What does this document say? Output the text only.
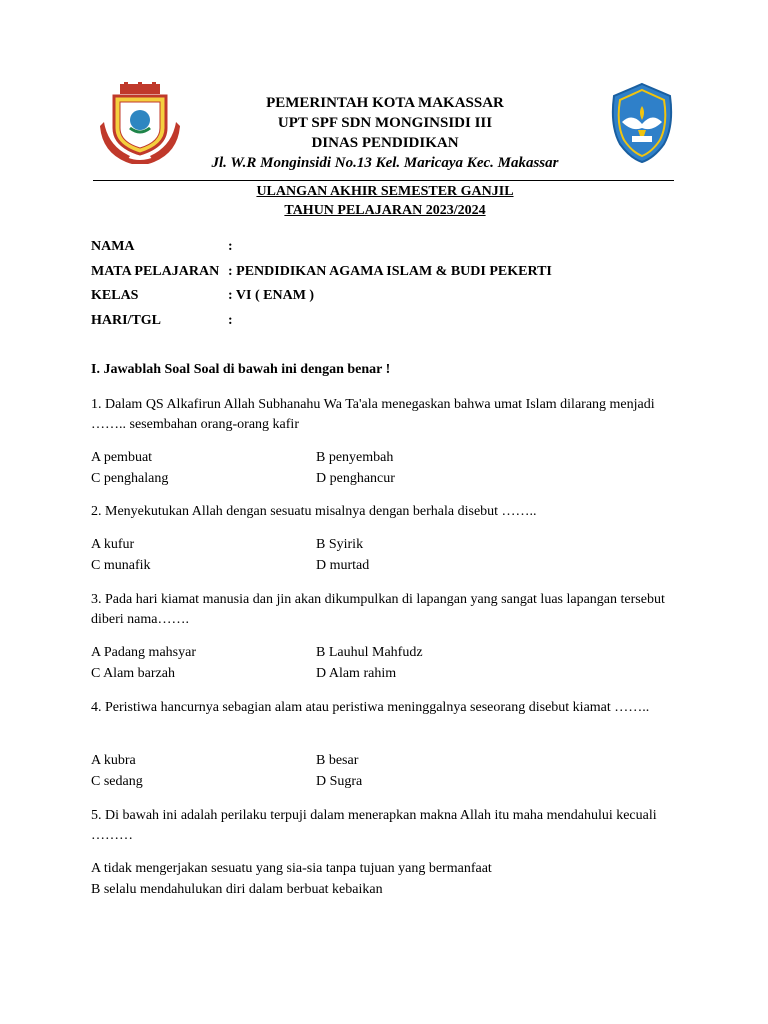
PEMERINTAH KOTA MAKASSAR
UPT SPF SDN MONGINSIDI III
DINAS PENDIDIKAN
Jl. W.R Monginsidi No.13 Kel. Maricaya Kec. Makassar
ULANGAN AKHIR SEMESTER GANJIL
TAHUN PELAJARAN 2023/2024
NAMA	:
MATA PELAJARAN : PENDIDIKAN AGAMA ISLAM & BUDI PEKERTI
KELAS	: VI ( ENAM )
HARI/TGL	:
I. Jawablah Soal Soal di bawah ini dengan benar !
1. Dalam QS Alkafirun Allah Subhanahu Wa Ta'ala menegaskan bahwa umat Islam dilarang menjadi …….. sesembahan orang-orang kafir
A pembuat	B penyembah
C penghalang	D penghancur
2. Menyekutukan Allah dengan sesuatu misalnya dengan berhala disebut ……..
A kufur	B Syirik
C munafik	D murtad
3. Pada hari kiamat manusia dan jin akan dikumpulkan di lapangan yang sangat luas lapangan tersebut diberi nama…….
A Padang mahsyar	B Lauhul Mahfudz
C Alam barzah	D Alam rahim
4. Peristiwa hancurnya sebagian alam atau peristiwa meninggalnya seseorang disebut kiamat ……..
A kubra	B besar
C sedang	D Sugra
5. Di bawah ini adalah perilaku terpuji dalam menerapkan makna Allah itu maha mendahului kecuali ………
A tidak mengerjakan sesuatu yang sia-sia tanpa tujuan yang bermanfaat
B selalu mendahulukan diri dalam berbuat kebaikan
